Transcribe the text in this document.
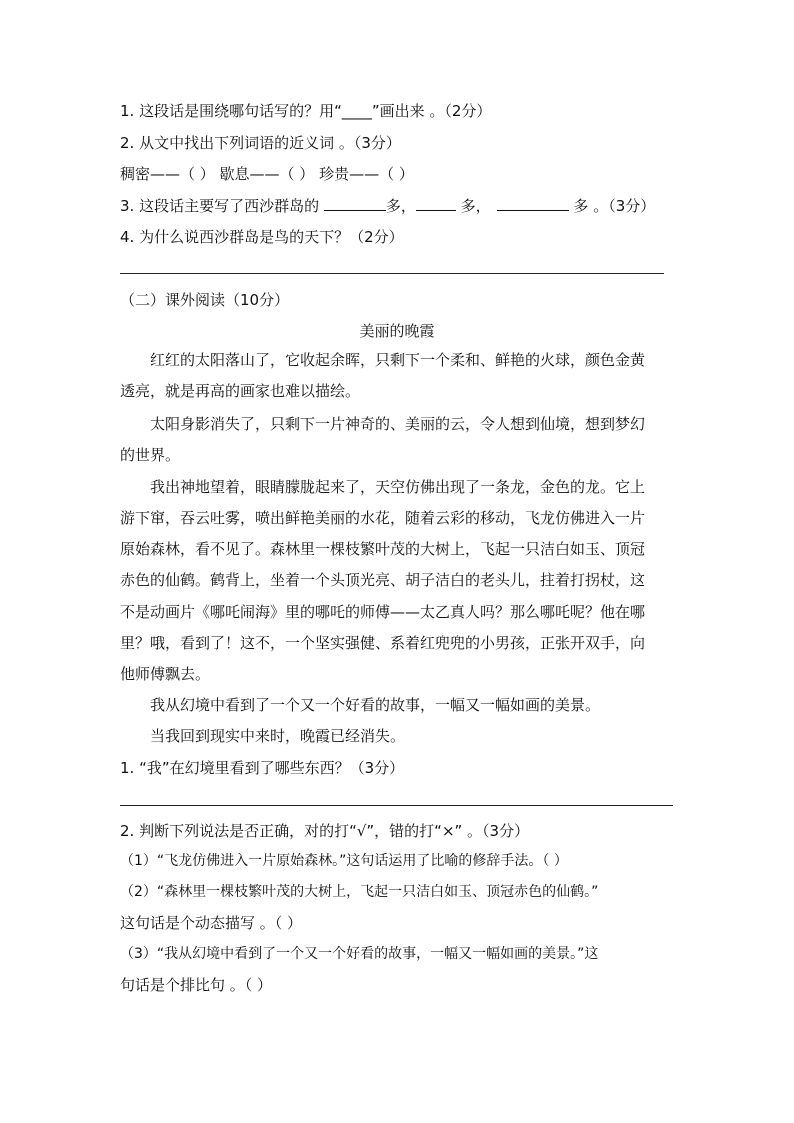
1. 这段话是围绕哪句话写的？用“____”画出来 。（2分）
2. 从文中找出下列词语的近义词 。（3分）
稠密——（ ） 歇息——（ ） 珍贵——（ ）
3. 这段话主要写了西沙群岛的	多，	多，	多 。（3分）
4. 为什么说西沙群岛是鸟的天下？（2分）
（二）课外阅读（10分）
美丽的晚霞
红红的太阳落山了，它收起余晖，只剩下一个柔和、鲜艳的火球，颜色金黄
透亮，就是再高的画家也难以描绘。
太阳身影消失了，只剩下一片神奇的、美丽的云，令人想到仙境，想到梦幻
的世界。
我出神地望着，眼睛朦胧起来了，天空仿佛出现了一条龙，金色的龙。它上
游下窜，吞云吐雾，喷出鲜艳美丽的水花，随着云彩的移动，飞龙仿佛进入一片
原始森林，看不见了。森林里一棵枝繁叶茂的大树上，飞起一只洁白如玉、顶冠
赤色的仙鹤。鹤背上，坐着一个头顶光亮、胡子洁白的老头儿，拄着打拐杖，这
不是动画片《哪吒闹海》里的哪吒的师傅——太乙真人吗？那么哪吒呢？他在哪
里？哦，看到了！这不，一个坚实强健、系着红兜兜的小男孩，正张开双手，向
他师傅飘去。
我从幻境中看到了一个又一个好看的故事，一幅又一幅如画的美景。
当我回到现实中来时，晚霞已经消失。
1. “我”在幻境里看到了哪些东西？（3分）
2. 判断下列说法是否正确，对的打“√”，错的打“×” 。（3分）
（1）“飞龙仿佛进入一片原始森林。”这句话运用了比喻的修辞手法。（ ）
（2）“森林里一棵枝繁叶茂的大树上，飞起一只洁白如玉、顶冠赤色的仙鹤。”
这句话是个动态描写 。（ ）
（3）“我从幻境中看到了一个又一个好看的故事，一幅又一幅如画的美景。”这
句话是个排比句 。（ ）
